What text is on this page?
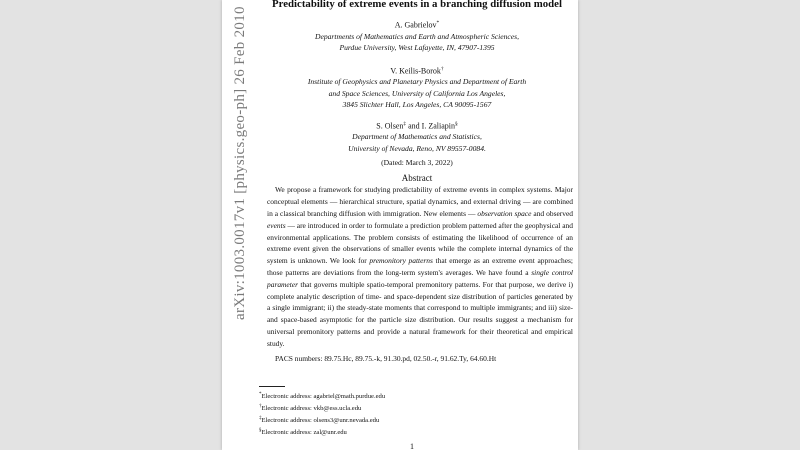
arXiv:1003.0017v1 [physics.geo-ph] 26 Feb 2010
Predictability of extreme events in a branching diffusion model
A. Gabrielov*
Departments of Mathematics and Earth and Atmospheric Sciences,
Purdue University, West Lafayette, IN, 47907-1395
V. Keilis-Borok†
Institute of Geophysics and Planetary Physics and Department of Earth
and Space Sciences, University of California Los Angeles,
3845 Slichter Hall, Los Angeles, CA 90095-1567
S. Olsen‡ and I. Zaliapin§
Department of Mathematics and Statistics,
University of Nevada, Reno, NV 89557-0084.
(Dated: March 3, 2022)
Abstract

We propose a framework for studying predictability of extreme events in complex systems. Major conceptual elements — hierarchical structure, spatial dynamics, and external driving — are combined in a classical branching diffusion with immigration. New elements — observation space and observed events — are introduced in order to formulate a prediction problem patterned after the geophysical and environmental applications. The problem consists of estimating the likelihood of occurrence of an extreme event given the observations of smaller events while the complete internal dynamics of the system is unknown. We look for premonitory patterns that emerge as an extreme event approaches; those patterns are deviations from the long-term system's averages. We have found a single control parameter that governs multiple spatio-temporal premonitory patterns. For that purpose, we derive i) complete analytic description of time- and space-dependent size distribution of particles generated by a single immigrant; ii) the steady-state moments that correspond to multiple immigrants; and iii) size- and space-based asymptotic for the particle size distribution. Our results suggest a mechanism for universal premonitory patterns and provide a natural framework for their theoretical and empirical study.

PACS numbers: 89.75.Hc, 89.75.-k, 91.30.pd, 02.50.-r, 91.62.Ty, 64.60.Ht
*Electronic address: agabriel@math.purdue.edu
†Electronic address: vkb@ess.ucla.edu
‡Electronic address: olsens3@unr.nevada.edu
§Electronic address: zal@unr.edu
1
